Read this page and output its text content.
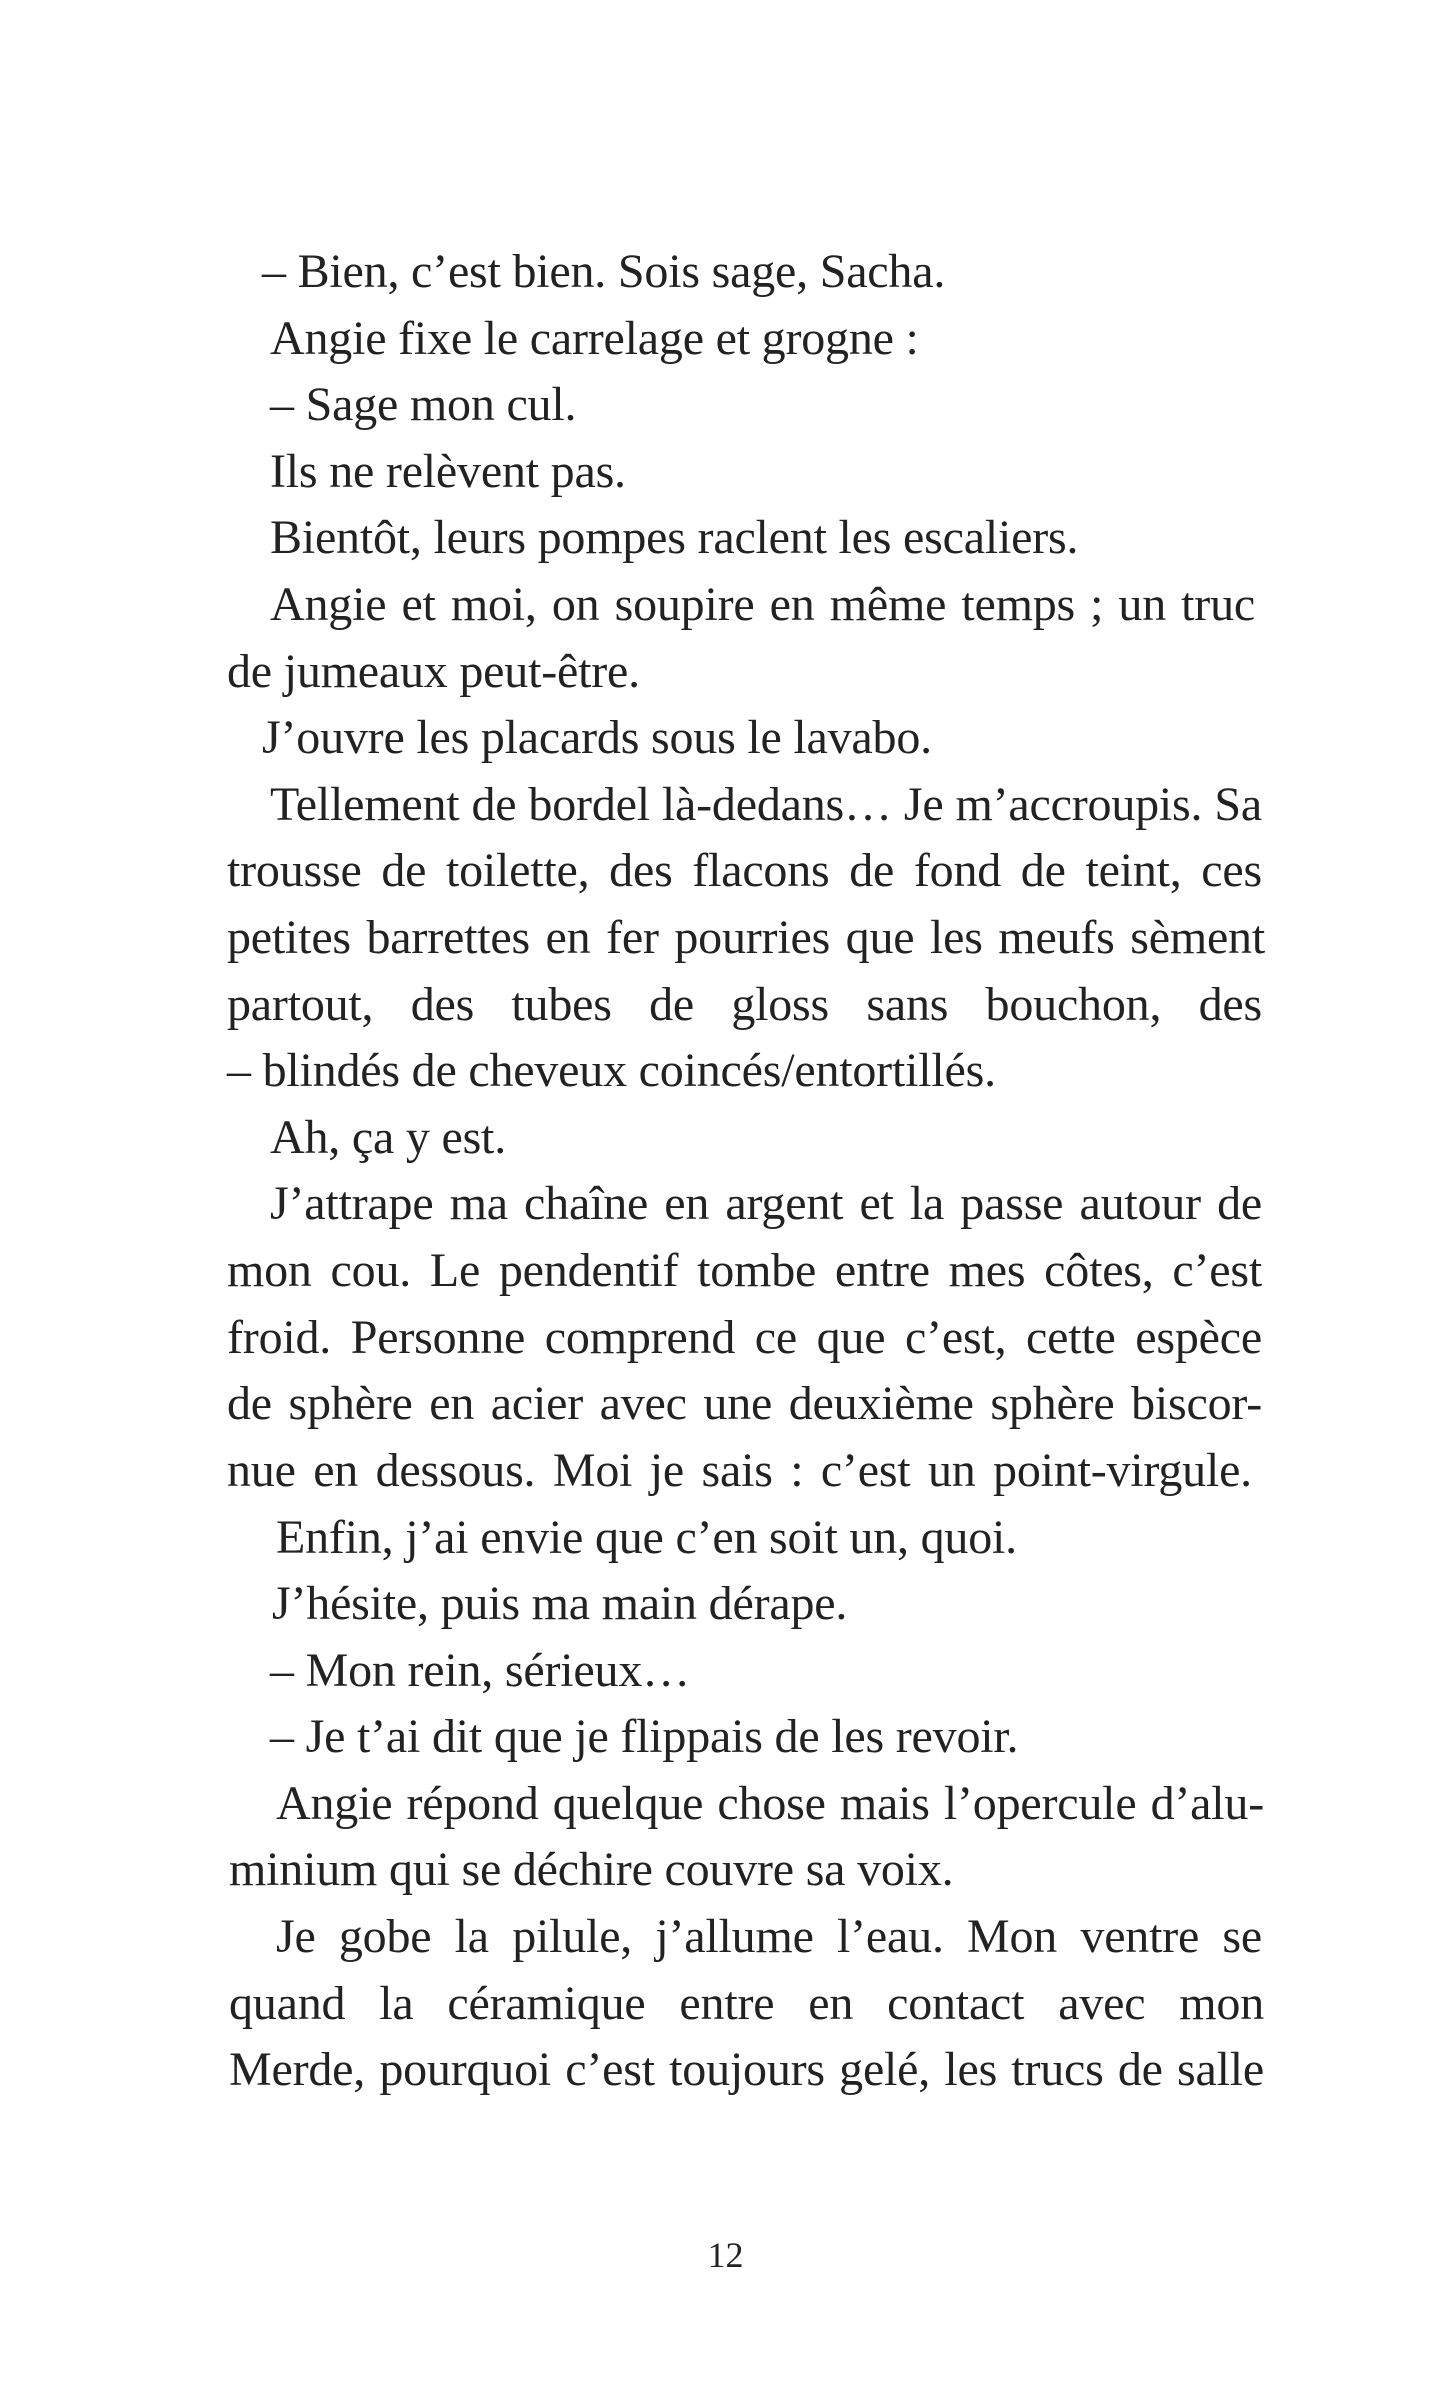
– Bien, c’est bien. Sois sage, Sacha.
Angie fixe le carrelage et grogne :
– Sage mon cul.
Ils ne relèvent pas.
Bientôt, leurs pompes raclent les escaliers.
Angie et moi, on soupire en même temps ; un truc
de jumeaux peut-être.
J’ouvre les placards sous le lavabo.
Tellement de bordel là-dedans… Je m’accroupis. Sa
trousse de toilette, des flacons de fond de teint, ces
petites barrettes en fer pourries que les meufs sèment
partout, des tubes de gloss sans bouchon, des
– blindés de cheveux coincés/entortillés.
Ah, ça y est.
J’attrape ma chaîne en argent et la passe autour de
mon cou. Le pendentif tombe entre mes côtes, c’est
froid. Personne comprend ce que c’est, cette espèce
de sphère en acier avec une deuxième sphère biscor-
nue en dessous. Moi je sais : c’est un point-virgule.
Enfin, j’ai envie que c’en soit un, quoi.
J’hésite, puis ma main dérape.
– Mon rein, sérieux…
– Je t’ai dit que je flippais de les revoir.
Angie répond quelque chose mais l’opercule d’alu-
minium qui se déchire couvre sa voix.
Je gobe la pilule, j’allume l’eau. Mon ventre se
quand la céramique entre en contact avec mon
Merde, pourquoi c’est toujours gelé, les trucs de salle
12
